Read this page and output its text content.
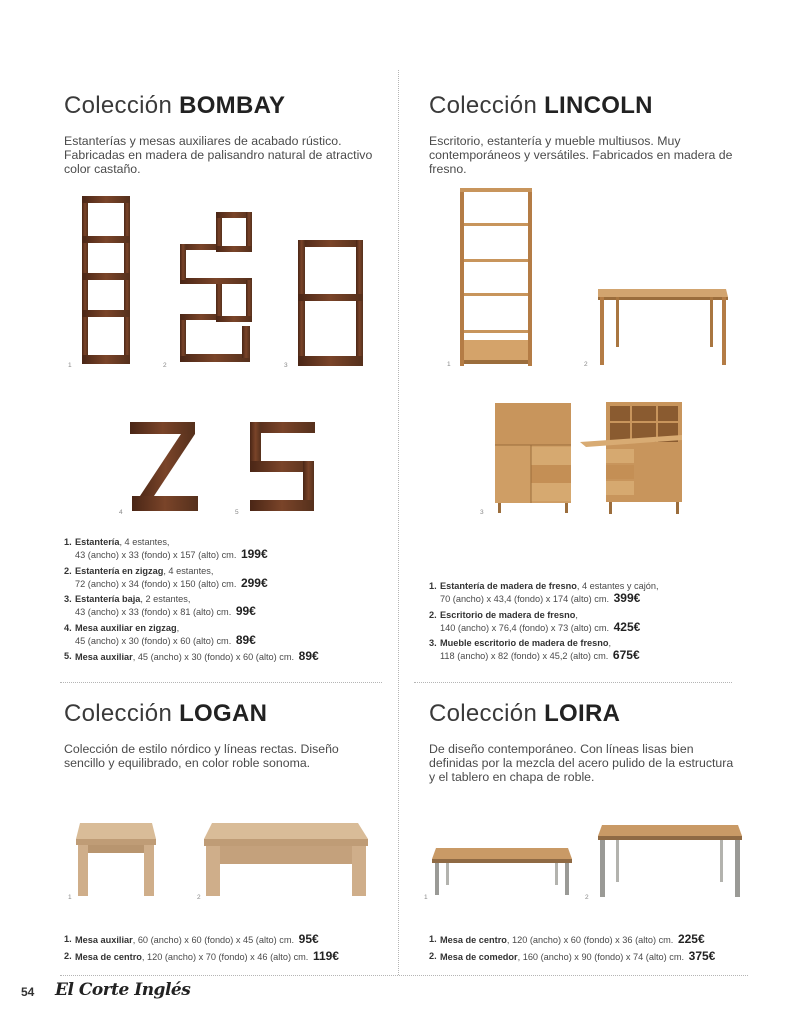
Colección BOMBAY
Estanterías y mesas auxiliares de acabado rústico. Fabricadas en madera de palisandro natural de atractivo color castaño.
1	2	3
4	5
1. Estantería, 4 estantes,
43 (ancho) x 33 (fondo) x 157 (alto) cm. 199€
2. Estantería en zigzag, 4 estantes,
72 (ancho) x 34 (fondo) x 150 (alto) cm. 299€
3. Estantería baja, 2 estantes,
43 (ancho) x 33 (fondo) x 81 (alto) cm. 99€
4. Mesa auxiliar en zigzag,
45 (ancho) x 30 (fondo) x 60 (alto) cm. 89€
5. Mesa auxiliar, 45 (ancho) x 30 (fondo) x 60 (alto) cm. 89€
Colección LINCOLN
Escritorio, estantería y mueble multiusos. Muy contemporáneos y versátiles. Fabricados en madera de fresno.
1	2
3
1. Estantería de madera de fresno, 4 estantes y cajón,
70 (ancho) x 43,4 (fondo) x 174 (alto) cm. 399€
2. Escritorio de madera de fresno,
140 (ancho) x 76,4 (fondo) x 73 (alto) cm. 425€
3. Mueble escritorio de madera de fresno,
118 (ancho) x 82 (fondo) x 45,2 (alto) cm. 675€
Colección LOGAN
Colección de estilo nórdico y líneas rectas. Diseño sencillo y equilibrado, en color roble sonoma.
1	2
1. Mesa auxiliar, 60 (ancho) x 60 (fondo) x 45 (alto) cm. 95€
2. Mesa de centro, 120 (ancho) x 70 (fondo) x 46 (alto) cm. 119€
Colección LOIRA
De diseño contemporáneo. Con líneas lisas bien definidas por la mezcla del acero pulido de la estructura y el tablero en chapa de roble.
1	2
1. Mesa de centro, 120 (ancho) x 60 (fondo) x 36 (alto) cm. 225€
2. Mesa de comedor, 160 (ancho) x 90 (fondo) x 74 (alto) cm. 375€
54 El Corte Inglés
